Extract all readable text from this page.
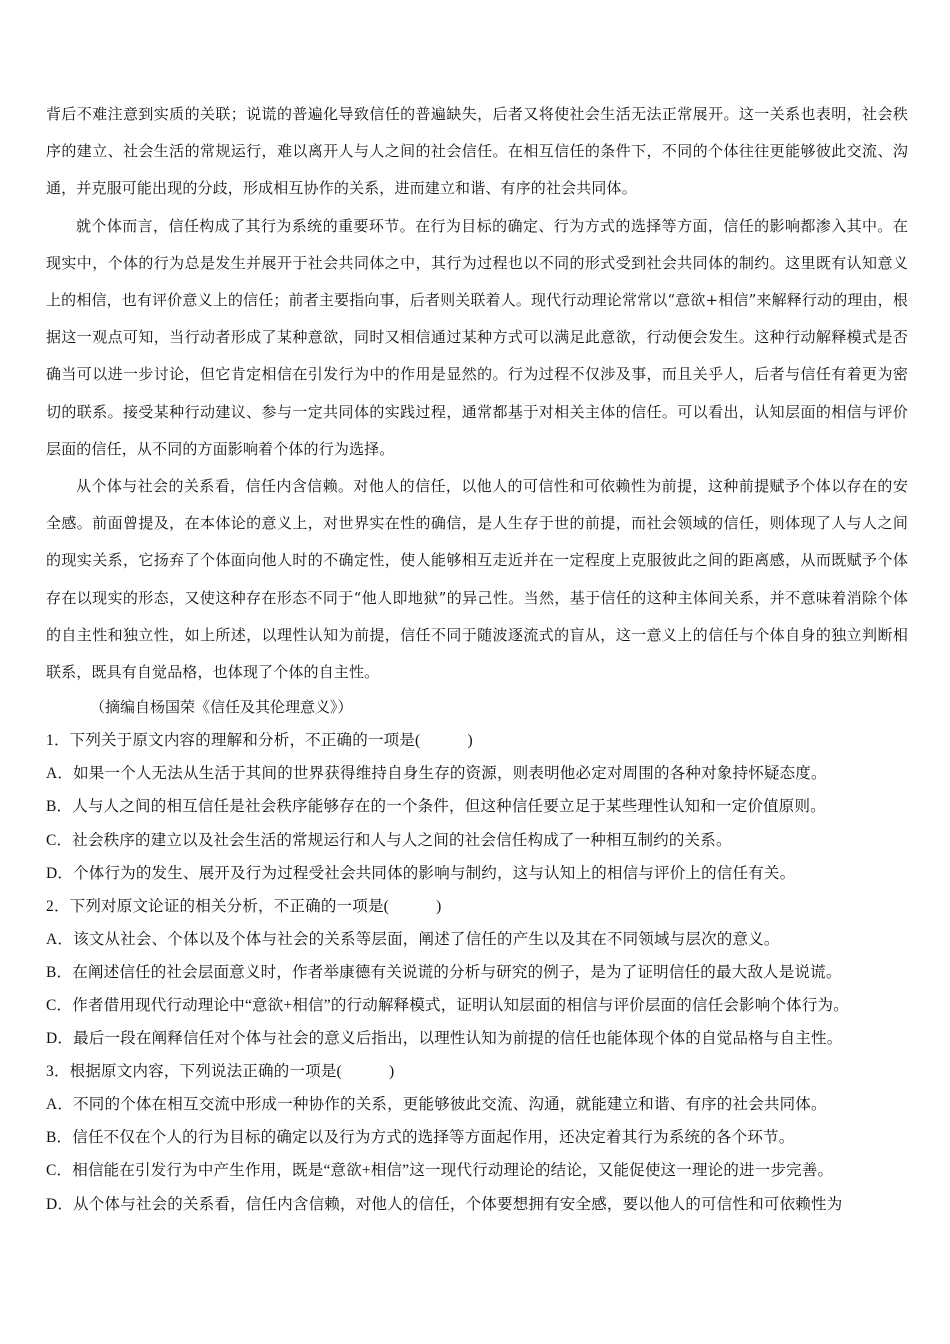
背后不难注意到实质的关联；说谎的普遍化导致信任的普遍缺失，后者又将使社会生活无法正常展开。这一关系也表明，社会秩序的建立、社会生活的常规运行，难以离开人与人之间的社会信任。在相互信任的条件下，不同的个体往往更能够彼此交流、沟通，并克服可能出现的分歧，形成相互协作的关系，进而建立和谐、有序的社会共同体。

就个体而言，信任构成了其行为系统的重要环节。在行为目标的确定、行为方式的选择等方面，信任的影响都渗入其中。在现实中，个体的行为总是发生并展开于社会共同体之中，其行为过程也以不同的形式受到社会共同体的制约。这里既有认知意义上的相信，也有评价意义上的信任；前者主要指向事，后者则关联着人。现代行动理论常常以“意欲+相信”来解释行动的理由，根据这一观点可知，当行动者形成了某种意欲，同时又相信通过某种方式可以满足此意欲，行动便会发生。这种行动解释模式是否确当可以进一步讨论，但它肯定相信在引发行为中的作用是显然的。行为过程不仅涉及事，而且关乎人，后者与信任有着更为密切的联系。接受某种行动建议、参与一定共同体的实践过程，通常都基于对相关主体的信任。可以看出，认知层面的相信与评价层面的信任，从不同的方面影响着个体的行为选择。

从个体与社会的关系看，信任内含信赖。对他人的信任，以他人的可信性和可依赖性为前提，这种前提赋予个体以存在的安全感。前面曾提及，在本体论的意义上，对世界实在性的确信，是人生存于世的前提，而社会领域的信任，则体现了人与人之间的现实关系，它扬弃了个体面向他人时的不确定性，使人能够相互走近并在一定程度上克服彼此之间的距离感，从而既赋予个体存在以现实的形态，又使这种存在形态不同于“他人即地狱”的异己性。当然，基于信任的这种主体间关系，并不意味着消除个体的自主性和独立性，如上所述，以理性认知为前提，信任不同于随波逐流式的盲从，这一意义上的信任与个体自身的独立判断相联系，既具有自觉品格，也体现了个体的自主性。

（摘编自杨国荣《信任及其伦理意义》）

1．下列关于原文内容的理解和分析，不正确的一项是(　　　)

A．如果一个人无法从生活于其间的世界获得维持自身生存的资源，则表明他必定对周围的各种对象持怀疑态度。

B．人与人之间的相互信任是社会秩序能够存在的一个条件，但这种信任要立足于某些理性认知和一定价值原则。

C．社会秩序的建立以及社会生活的常规运行和人与人之间的社会信任构成了一种相互制约的关系。

D．个体行为的发生、展开及行为过程受社会共同体的影响与制约，这与认知上的相信与评价上的信任有关。

2．下列对原文论证的相关分析，不正确的一项是(　　　)

A．该文从社会、个体以及个体与社会的关系等层面，阐述了信任的产生以及其在不同领域与层次的意义。

B．在阐述信任的社会层面意义时，作者举康德有关说谎的分析与研究的例子，是为了证明信任的最大敌人是说谎。

C．作者借用现代行动理论中“意欲+相信”的行动解释模式，证明认知层面的相信与评价层面的信任会影响个体行为。

D．最后一段在阐释信任对个体与社会的意义后指出，以理性认知为前提的信任也能体现个体的自觉品格与自主性。

3．根据原文内容，下列说法正确的一项是(　　　)

A．不同的个体在相互交流中形成一种协作的关系，更能够彼此交流、沟通，就能建立和谐、有序的社会共同体。

B．信任不仅在个人的行为目标的确定以及行为方式的选择等方面起作用，还决定着其行为系统的各个环节。

C．相信能在引发行为中产生作用，既是“意欲+相信”这一现代行动理论的结论，又能促使这一理论的进一步完善。

D．从个体与社会的关系看，信任内含信赖，对他人的信任，个体要想拥有安全感，要以他人的可信性和可依赖性为
